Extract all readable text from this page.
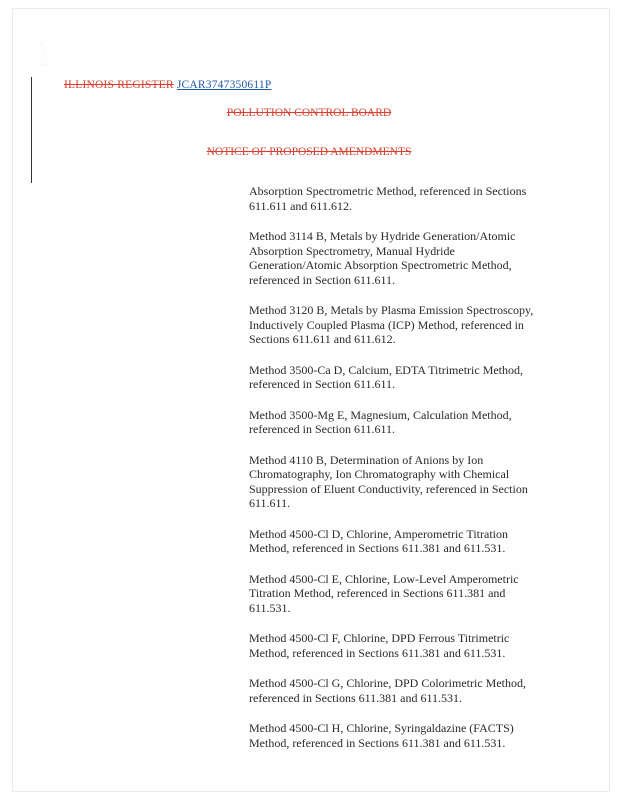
·
·
·  ·
ILLINOIS REGISTER JCAR3747350611P
POLLUTION CONTROL BOARD
NOTICE OF PROPOSED AMENDMENTS
Absorption Spectrometric Method, referenced in Sections 611.611 and 611.612.
Method 3114 B, Metals by Hydride Generation/Atomic Absorption Spectrometry, Manual Hydride Generation/Atomic Absorption Spectrometric Method, referenced in Section 611.611.
Method 3120 B, Metals by Plasma Emission Spectroscopy, Inductively Coupled Plasma (ICP) Method, referenced in Sections 611.611 and 611.612.
Method 3500-Ca D, Calcium, EDTA Titrimetric Method, referenced in Section 611.611.
Method 3500-Mg E, Magnesium, Calculation Method, referenced in Section 611.611.
Method 4110 B, Determination of Anions by Ion Chromatography, Ion Chromatography with Chemical Suppression of Eluent Conductivity, referenced in Section 611.611.
Method 4500-Cl D, Chlorine, Amperometric Titration Method, referenced in Sections 611.381 and 611.531.
Method 4500-Cl E, Chlorine, Low-Level Amperometric Titration Method, referenced in Sections 611.381 and 611.531.
Method 4500-Cl F, Chlorine, DPD Ferrous Titrimetric Method, referenced in Sections 611.381 and 611.531.
Method 4500-Cl G, Chlorine, DPD Colorimetric Method, referenced in Sections 611.381 and 611.531.
Method 4500-Cl H, Chlorine, Syringaldazine (FACTS) Method, referenced in Sections 611.381 and 611.531.
